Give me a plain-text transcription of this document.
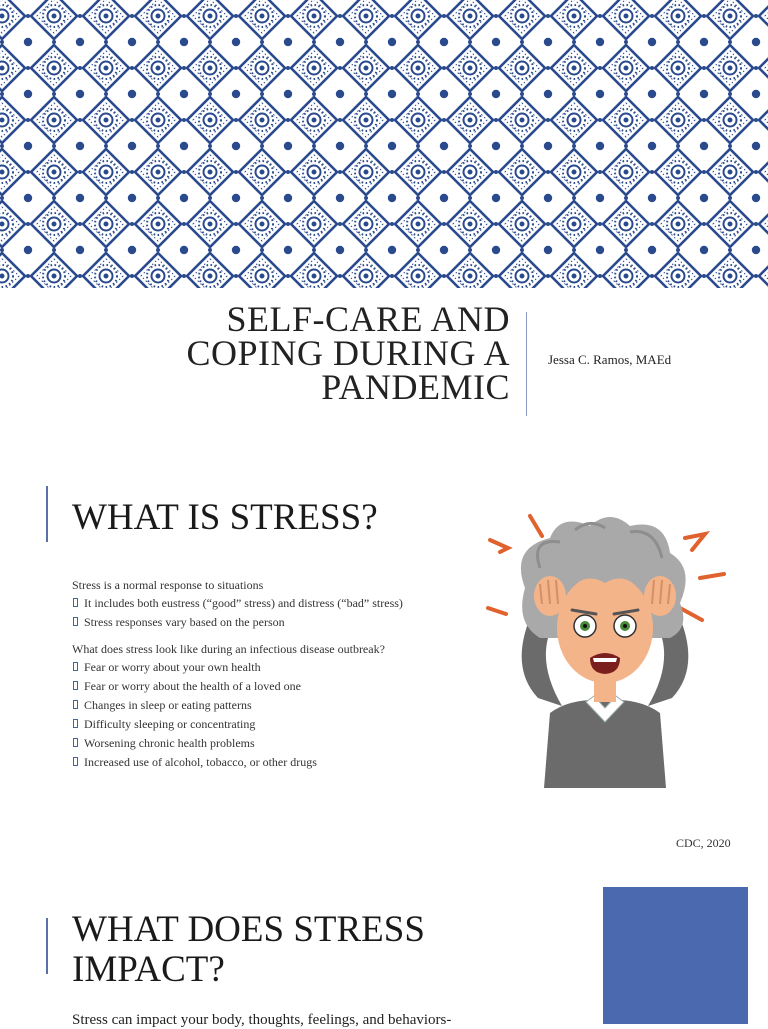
SELF-CARE AND
COPING DURING A
PANDEMIC
Jessa C. Ramos, MAEd
WHAT IS STRESS?
Stress is a normal response to situations
It includes both eustress (“good” stress) and distress (“bad” stress)
Stress responses vary based on the person
What does stress look like during an infectious disease outbreak?
Fear or worry about your own health
Fear or worry about the health of a loved one
Changes in sleep or eating patterns
Difficulty sleeping or concentrating
Worsening chronic health problems
Increased use of alcohol, tobacco, or other drugs
CDC, 2020
WHAT DOES STRESS
IMPACT?
Stress can impact your body, thoughts, feelings, and behaviors-
